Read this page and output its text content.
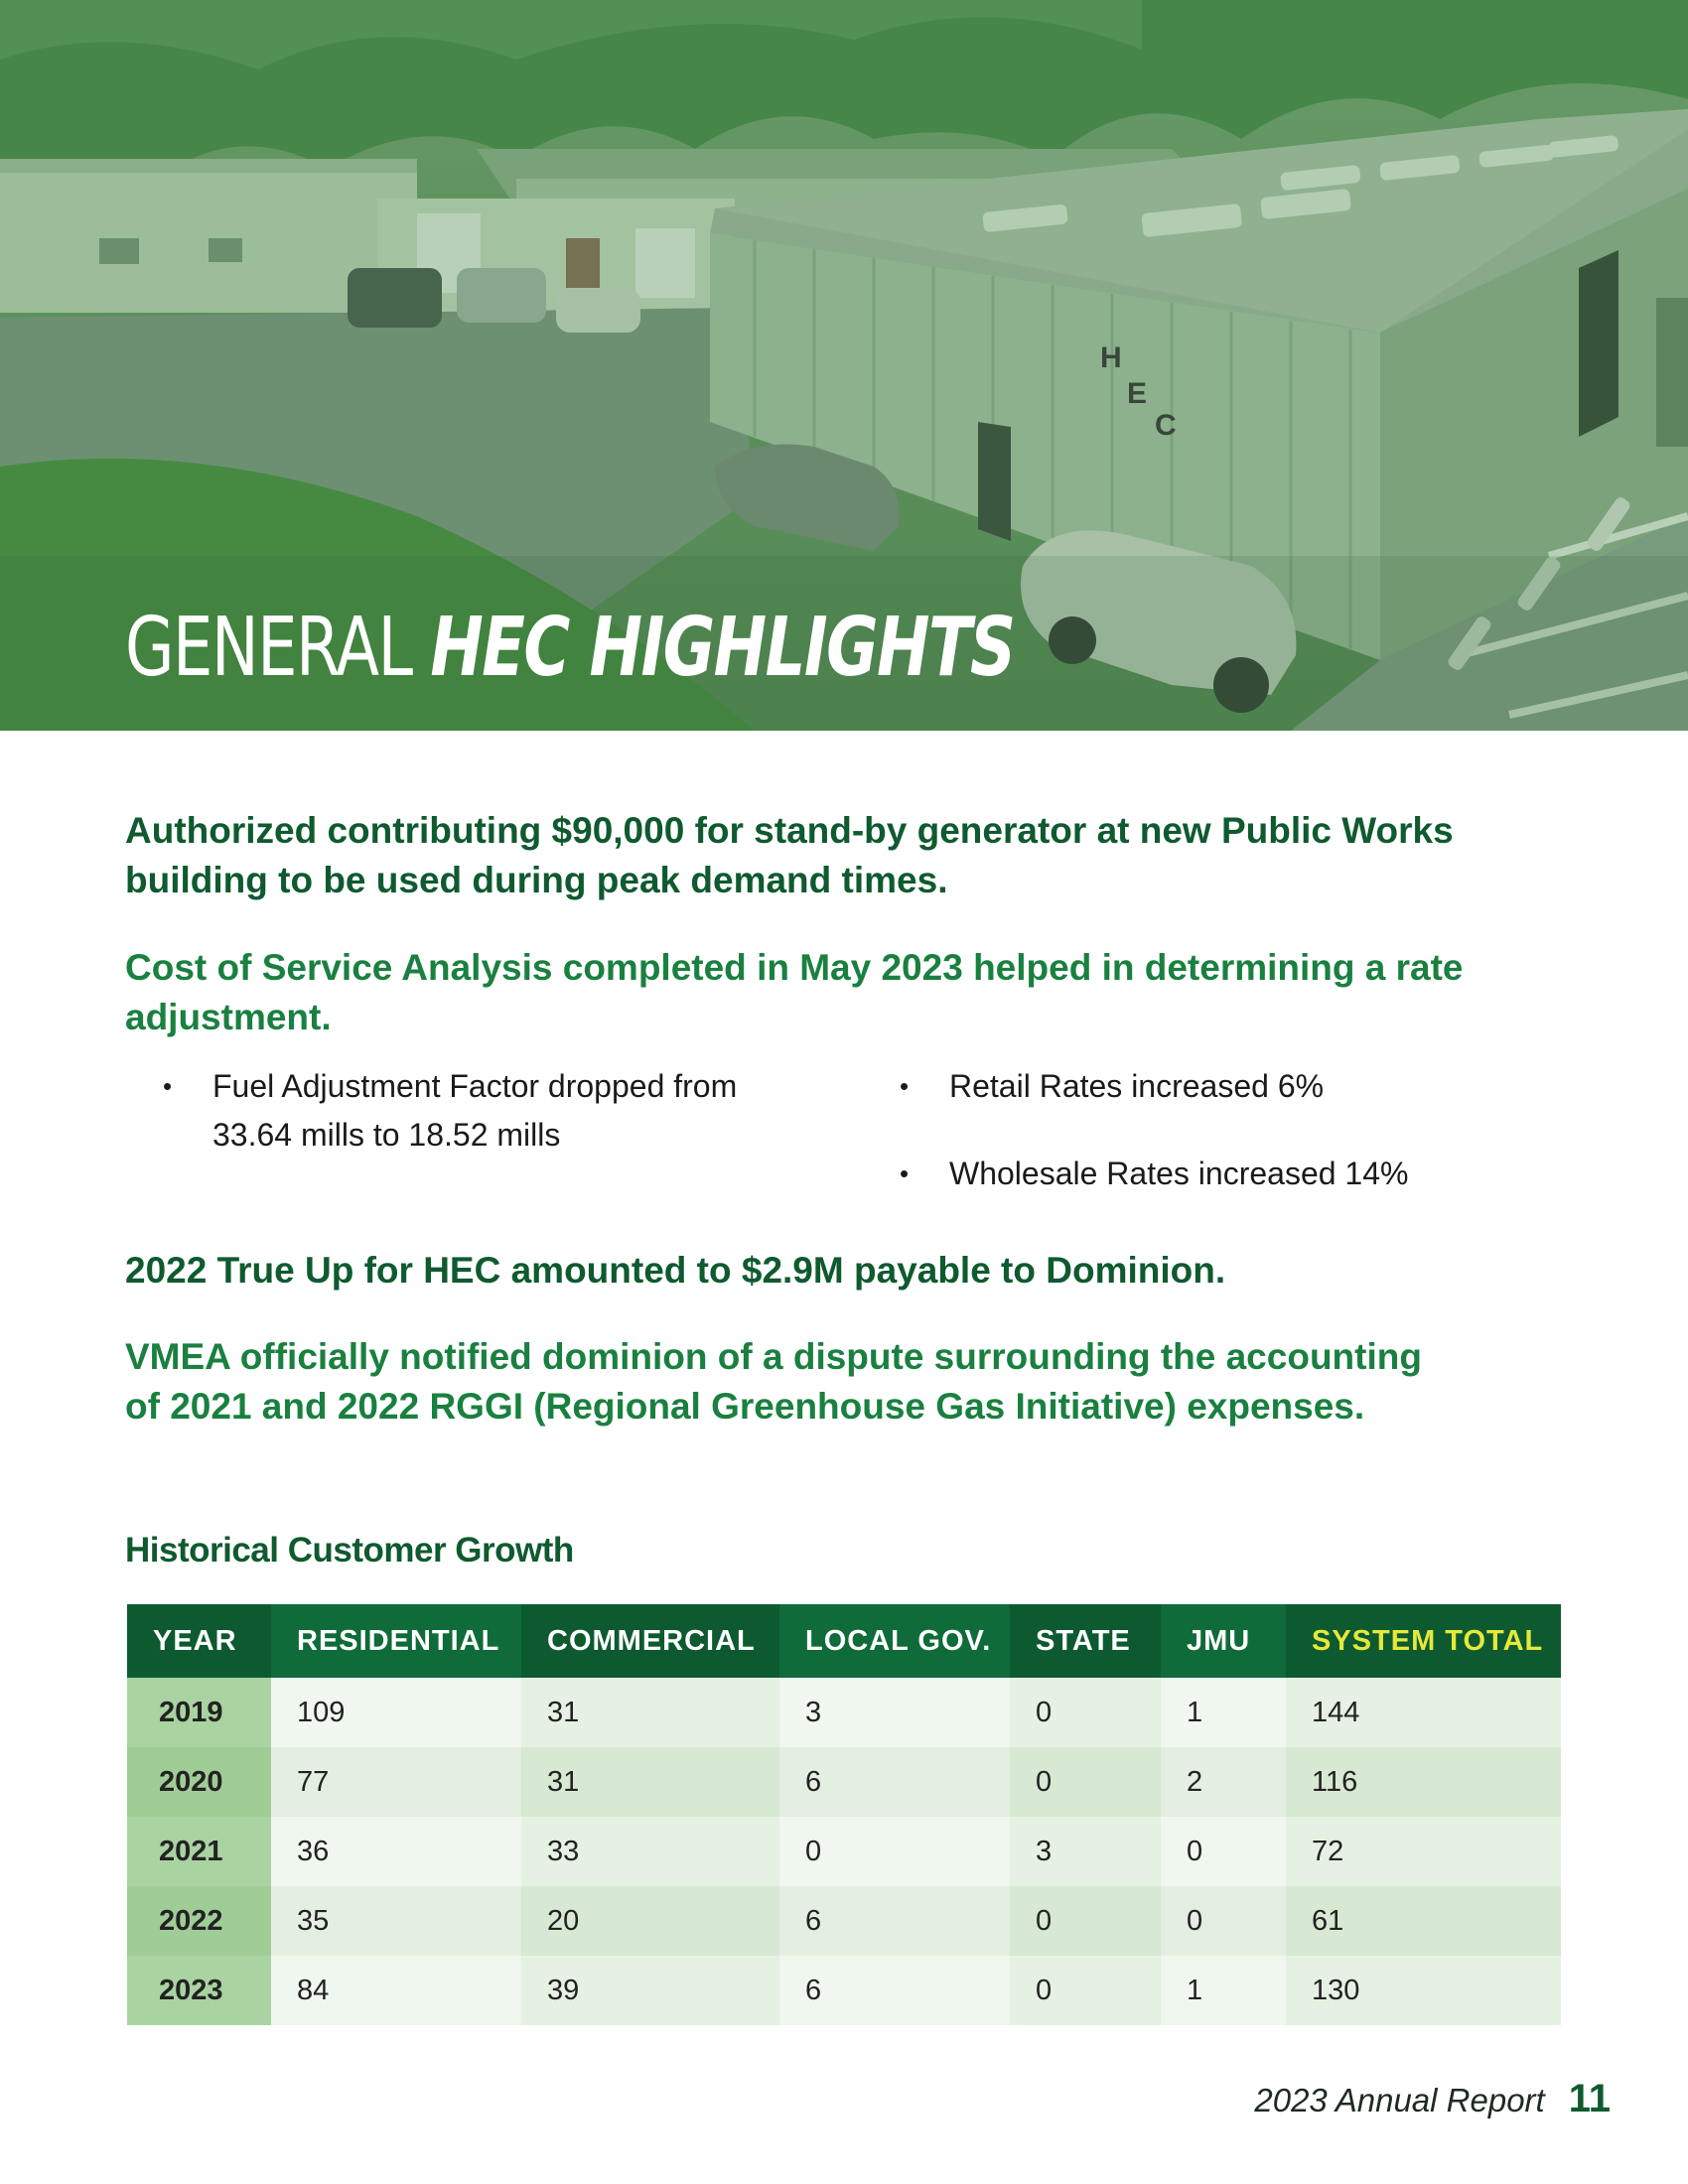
H
E
C
GENERAL HEC HIGHLIGHTS

Authorized contributing $90,000 for stand-by generator at new Public Works building to be used during peak demand times.

Cost of Service Analysis completed in May 2023 helped in determining a rate adjustment.

• Fuel Adjustment Factor dropped from 33.64 mills to 18.52 mills
• Retail Rates increased 6%
• Wholesale Rates increased 14%

2022 True Up for HEC amounted to $2.9M payable to Dominion.

VMEA officially notified dominion of a dispute surrounding the accounting of 2021 and 2022 RGGI (Regional Greenhouse Gas Initiative) expenses.

Historical Customer Growth
YEAR	RESIDENTIAL	COMMERCIAL	LOCAL GOV.	STATE	JMU	SYSTEM TOTAL
2019	109	31	3	0	1	144
2020	77	31	6	0	2	116
2021	36	33	0	3	0	72
2022	35	20	6	0	0	61
2023	84	39	6	0	1	130
2023 Annual Report 11
